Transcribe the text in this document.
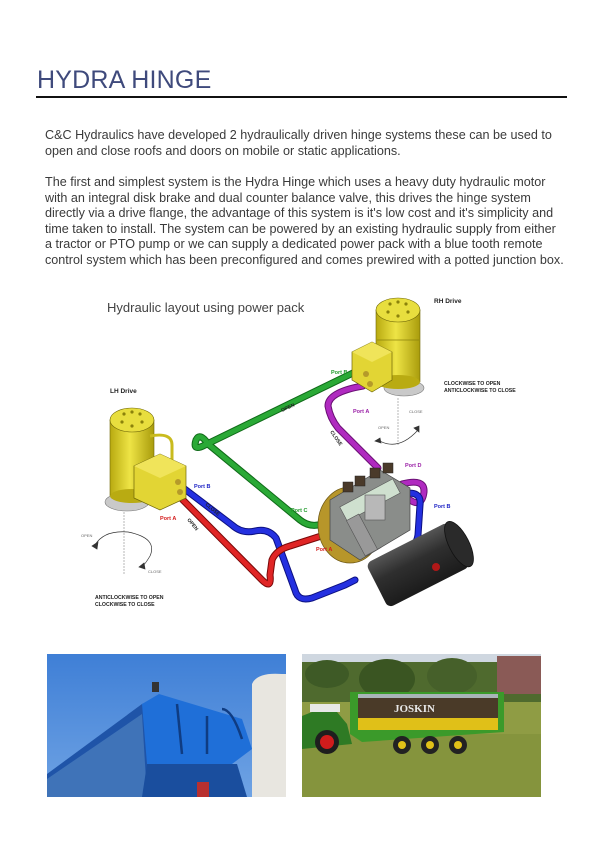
HYDRA HINGE

C&C Hydraulics have developed 2 hydraulically driven hinge systems these can be used to open and close roofs and doors on mobile or static applications.

The first and simplest system is the Hydra Hinge which uses a heavy duty hydraulic motor with an integral disk brake and dual counter balance valve, this drives the hinge system directly via a drive flange, the advantage of this system is it's low cost and it's simplicity and time taken to install. The system can be powered by an existing hydraulic supply from either a tractor or PTO pump or we can supply a dedicated power pack with a blue tooth remote control system which has been preconfigured and comes prewired with a potted junction box.

Hydraulic layout using power pack	RH Drive
CLOCKWISE TO OPEN
ANTICLOCKWISE TO CLOSE
Port B
Port A
OPEN
CLOSE
LH Drive
Port B
Port A
OPEN
CLOSE
ANTICLOCKWISE TO OPEN
CLOCKWISE TO CLOSE
OPEN
CLOSE
CLOSE
OPEN
Port C
Port A
Port D
Port B
JOSKIN
